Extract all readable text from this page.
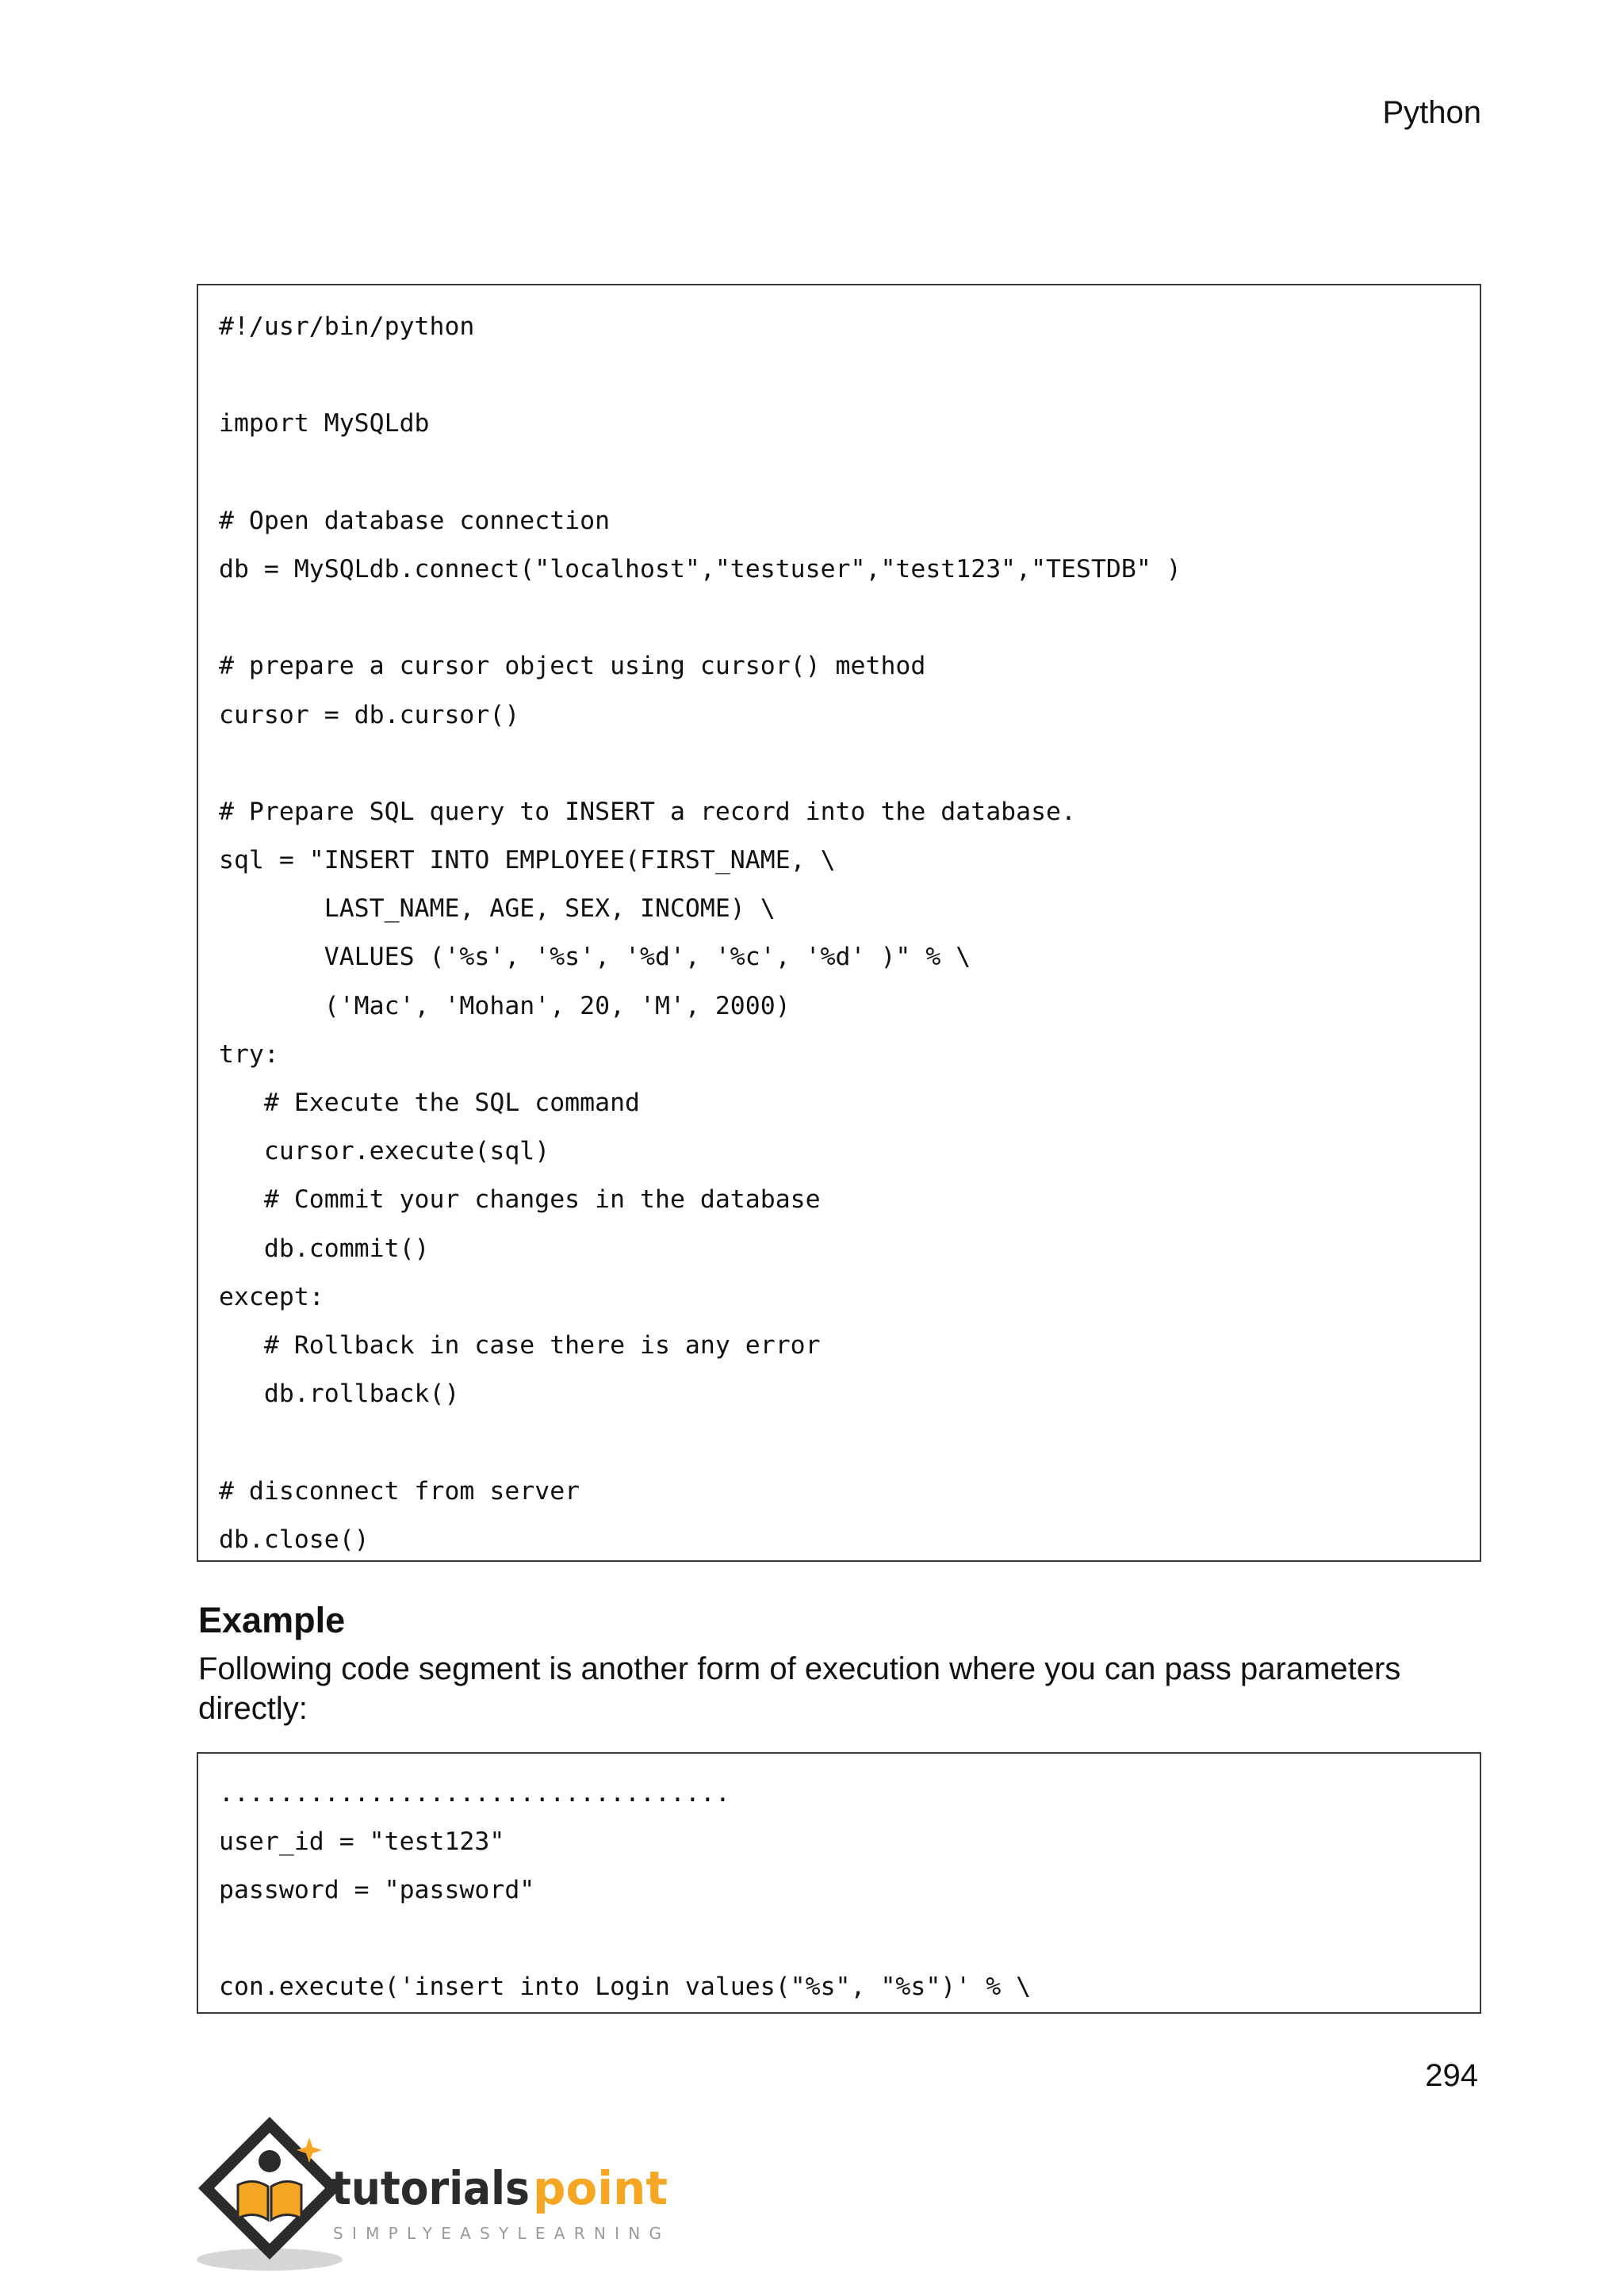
Python
#!/usr/bin/python
import MySQLdb
# Open database connection
db = MySQLdb.connect("localhost","testuser","test123","TESTDB" )
# prepare a cursor object using cursor() method
cursor = db.cursor()
# Prepare SQL query to INSERT a record into the database.
sql = "INSERT INTO EMPLOYEE(FIRST_NAME, \
LAST_NAME, AGE, SEX, INCOME) \
VALUES ('%s', '%s', '%d', '%c', '%d' )" % \
('Mac', 'Mohan', 20, 'M', 2000)
try:
# Execute the SQL command
cursor.execute(sql)
# Commit your changes in the database
db.commit()
except:
# Rollback in case there is any error
db.rollback()
# disconnect from server
db.close()
Example

Following code segment is another form of execution where you can pass parameters directly:

..................................
user_id = "test123"
password = "password"
con.execute('insert into Login values("%s", "%s")' % \
294
tutorials point
SIMPLYEASYLEARNING
